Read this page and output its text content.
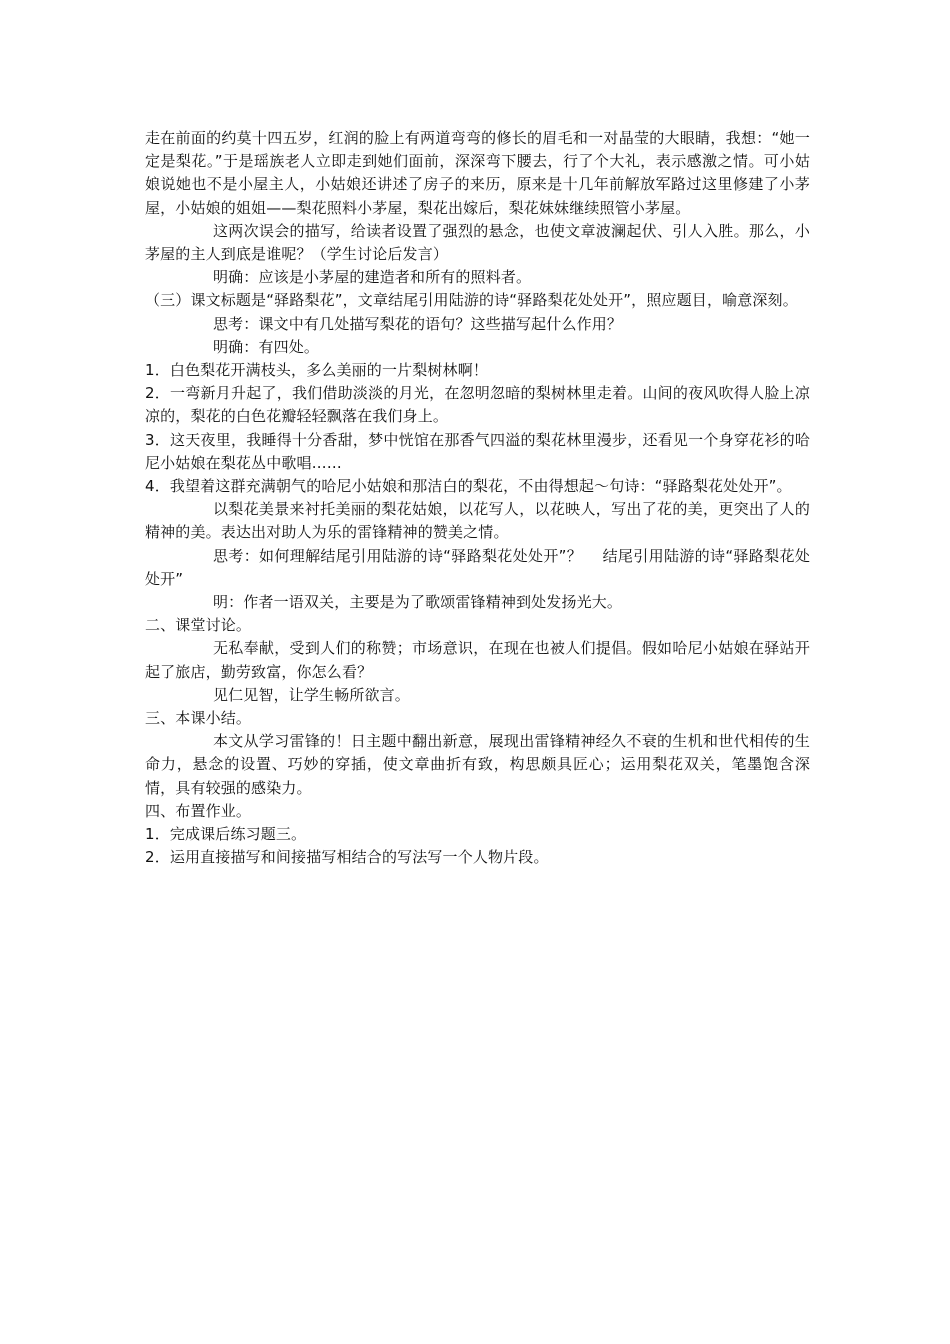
走在前面的约莫十四五岁，红润的脸上有两道弯弯的修长的眉毛和一对晶莹的大眼睛，我想：“她一定是梨花。”于是瑶族老人立即走到她们面前，深深弯下腰去，行了个大礼，表示感激之情。可小姑娘说她也不是小屋主人，小姑娘还讲述了房子的来历，原来是十几年前解放军路过这里修建了小茅屋，小姑娘的姐姐——梨花照料小茅屋，梨花出嫁后，梨花妹妹继续照管小茅屋。

这两次误会的描写，给读者设置了强烈的悬念，也使文章波澜起伏、引人入胜。那么，小茅屋的主人到底是谁呢？（学生讨论后发言）

明确：应该是小茅屋的建造者和所有的照料者。

（三）课文标题是“驿路梨花”，文章结尾引用陆游的诗“驿路梨花处处开”，照应题目，喻意深刻。

思考：课文中有几处描写梨花的语句？这些描写起什么作用？

明确：有四处。

1．白色梨花开满枝头，多么美丽的一片梨树林啊！

2．一弯新月升起了，我们借助淡淡的月光，在忽明忽暗的梨树林里走着。山间的夜风吹得人脸上凉凉的，梨花的白色花瓣轻轻飘落在我们身上。

3．这天夜里，我睡得十分香甜，梦中恍馆在那香气四溢的梨花林里漫步，还看见一个身穿花衫的哈尼小姑娘在梨花丛中歌唱……

4．我望着这群充满朝气的哈尼小姑娘和那洁白的梨花，不由得想起～句诗：“驿路梨花处处开”。

以梨花美景来衬托美丽的梨花姑娘，以花写人，以花映人，写出了花的美，更突出了人的精神的美。表达出对助人为乐的雷锋精神的赞美之情。

思考：如何理解结尾引用陆游的诗“驿路梨花处处开”？　 结尾引用陆游的诗“驿路梨花处处开”

明：作者一语双关，主要是为了歌颂雷锋精神到处发扬光大。

二、课堂讨论。

无私奉献，受到人们的称赞；市场意识，在现在也被人们提倡。假如哈尼小姑娘在驿站开起了旅店，勤劳致富，你怎么看？

见仁见智，让学生畅所欲言。

三、本课小结。

本文从学习雷锋的！日主题中翻出新意，展现出雷锋精神经久不衰的生机和世代相传的生命力，悬念的设置、巧妙的穿插，使文章曲折有致，构思颇具匠心；运用梨花双关，笔墨饱含深情，具有较强的感染力。

四、布置作业。

1．完成课后练习题三。

2．运用直接描写和间接描写相结合的写法写一个人物片段。
